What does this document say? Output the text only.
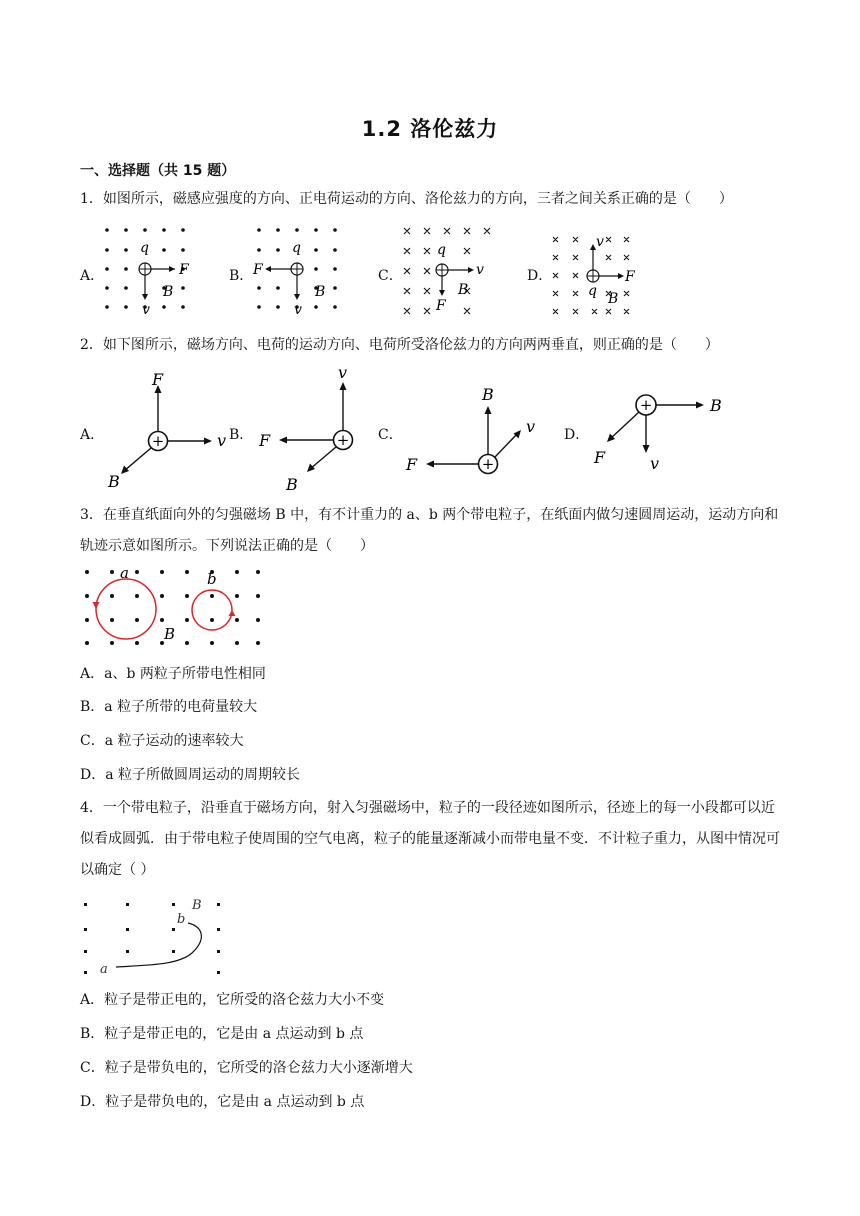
1.2 洛伦兹力
一、选择题（共 15 题）
1．如图所示，磁感应强度的方向、正电荷运动的方向、洛伦兹力的方向，三者之间关系正确的是（　　）
A．
q
F
v
B
B．
q
F
v
B
C．
q
v
F
B
D．
v
F
q B
2．如下图所示，磁场方向、电荷的运动方向、电荷所受洛伦兹力的方向两两垂直，则正确的是（　　）
A．	+
F
v
B
B．	+
v
F
B
C．
+
B
v
F
D．
+	B
F	v
3．在垂直纸面向外的匀强磁场 B 中，有不计重力的 a、b 两个带电粒子，在纸面内做匀速圆周运动，运动方向和轨迹示意如图所示。下列说法正确的是（　　）
a	b
B
A．a、b 两粒子所带电性相同
B．a 粒子所带的电荷量较大
C．a 粒子运动的速率较大
D．a 粒子所做圆周运动的周期较长
4．一个带电粒子，沿垂直于磁场方向，射入匀强磁场中，粒子的一段径迹如图所示，径迹上的每一小段都可以近似看成圆弧．由于带电粒子使周围的空气电离，粒子的能量逐渐减小而带电量不变．不计粒子重力，从图中情况可以确定（ ）
a
b
B
A．粒子是带正电的，它所受的洛仑兹力大小不变
B．粒子是带正电的，它是由 a 点运动到 b 点
C．粒子是带负电的，它所受的洛仑兹力大小逐渐增大
D．粒子是带负电的，它是由 a 点运动到 b 点
